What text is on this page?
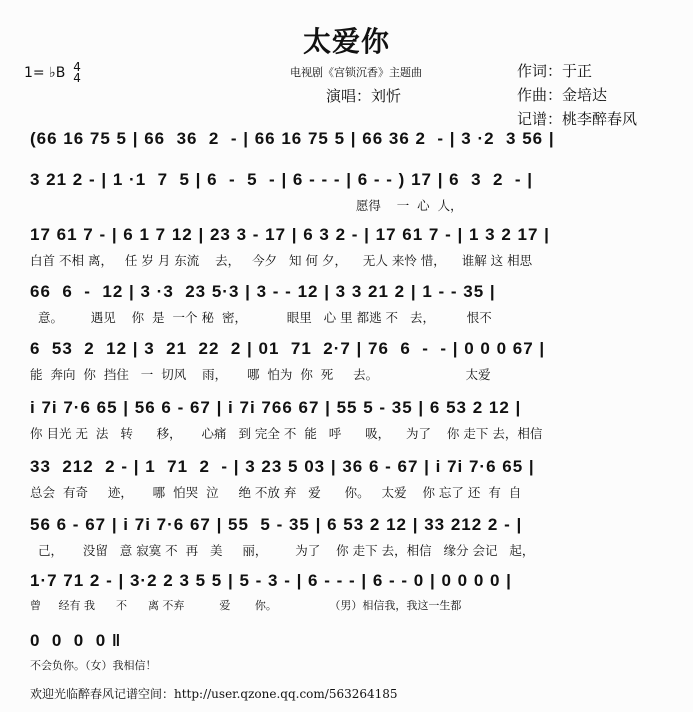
太爱你
1= ♭B 4
4	电视剧《宫锁沉香》主题曲
演唱：刘忻
作词：于正
作曲：金培达
记谱：桃李醉春风
(66 16 75 5 | 66  36  2  - | 66 16 75 5 | 66 36 2  - | 3 ·2  3 56 |
3 21 2 - | 1 ·1  7  5 | 6  -  5  - | 6 - - - | 6 - - ) 17 | 6  3  2  - |
愿得    一  心  人，
17 61 7 - | 6 1 7 12 | 23 3 - 17 | 6 3 2 - | 17 61 7 - | 1 3 2 17 |
白首 不相 离，   任 岁 月 东流    去，   今夕   知 何 夕，    无人 来怜 惜，    谁解 这 相思
66  6  -  12 | 3 ·3  23 5·3 | 3 - - 12 | 3 3 21 2 | 1 - - 35 |
意。       遇见    你  是  一个 秘  密，          眼里   心 里 都逃 不   去，        恨不
6  53  2  12 | 3  21  22  2 | 01  71  2·7 | 76  6  -  - | 0 0 0 67 |
能  奔向  你  挡住   一  切风    雨，     哪  怕为  你  死     去。                      太爱
i 7i 7·6 65 | 56 6 - 67 | i 7i 766 67 | 55 5 - 35 | 6 53 2 12 |
你 目光 无  法   转      移，     心痛   到 完全 不  能   呼      吸，    为了    你 走下 去，相信
33  212  2 - | 1  71  2  - | 3 23 5 03 | 36 6 - 67 | i 7i 7·6 65 |
总会  有奇     迹，     哪  怕哭  泣     绝 不放 弃   爱      你。   太爱    你 忘了 还  有  自
56 6 - 67 | i 7i 7·6 67 | 55  5 - 35 | 6 53 2 12 | 33 212 2 - |
己，     没留   意 寂寞 不  再   美     丽，       为了    你 走下 去，相信   缘分 会记   起，
1·7 71 2 - | 3·2 2 3 5 5 | 5 - 3 - | 6 - - - | 6 - - 0 | 0 0 0 0 |
曾     经有 我      不      离 不弃          爱       你。               （男）相信我，我这一生都
0  0  0  0 ‖
不会负你。（女）我相信！
欢迎光临醉春风记谱空间：http://user.qzone.qq.com/563264185
